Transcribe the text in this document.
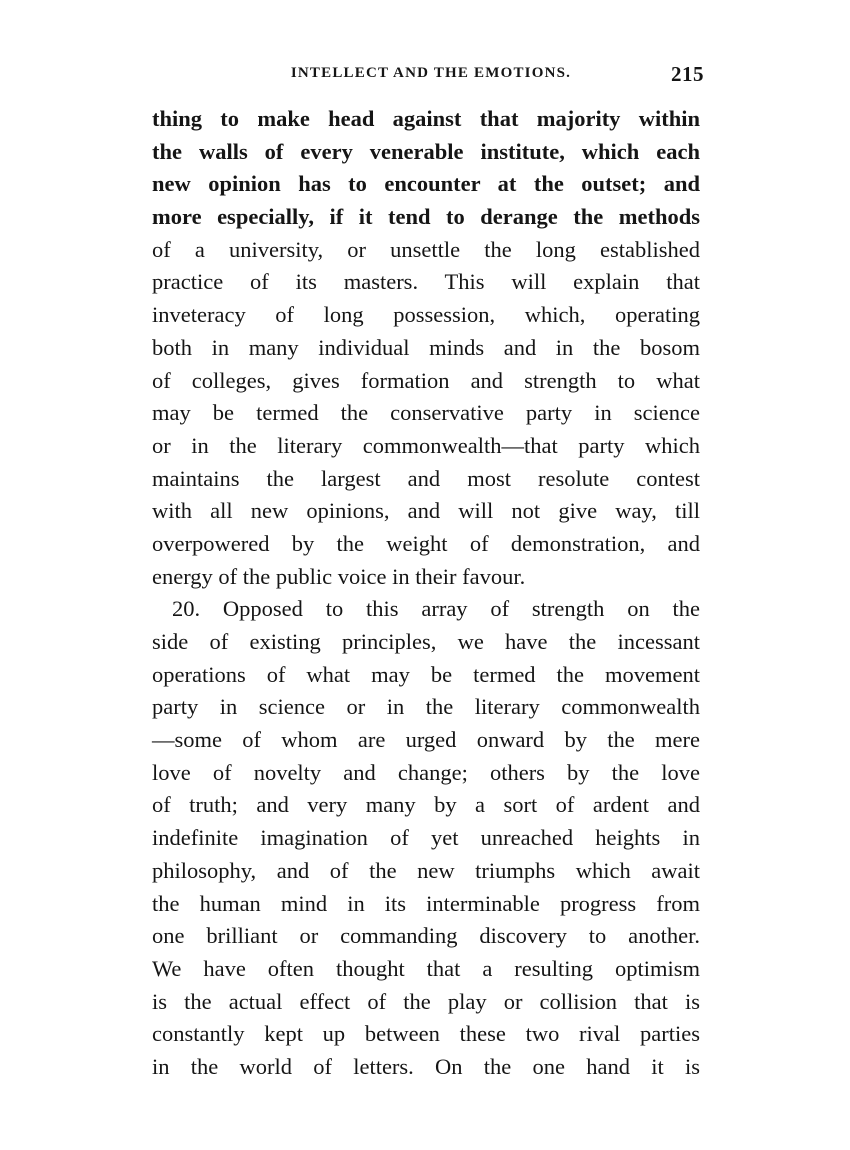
INTELLECT AND THE EMOTIONS.	215
thing to make head against that majority within
the walls of every venerable institute, which each
new opinion has to encounter at the outset; and
more especially, if it tend to derange the methods
of a university, or unsettle the long established
practice of its masters. This will explain that
inveteracy of long possession, which, operating
both in many individual minds and in the bosom
of colleges, gives formation and strength to what
may be termed the conservative party in science
or in the literary commonwealth—that party which
maintains the largest and most resolute contest
with all new opinions, and will not give way, till
overpowered by the weight of demonstration, and
energy of the public voice in their favour.
20. Opposed to this array of strength on the
side of existing principles, we have the incessant
operations of what may be termed the movement
party in science or in the literary commonwealth
—some of whom are urged onward by the mere
love of novelty and change; others by the love
of truth; and very many by a sort of ardent and
indefinite imagination of yet unreached heights in
philosophy, and of the new triumphs which await
the human mind in its interminable progress from
one brilliant or commanding discovery to another.
We have often thought that a resulting optimism
is the actual effect of the play or collision that is
constantly kept up between these two rival parties
in the world of letters. On the one hand it is
